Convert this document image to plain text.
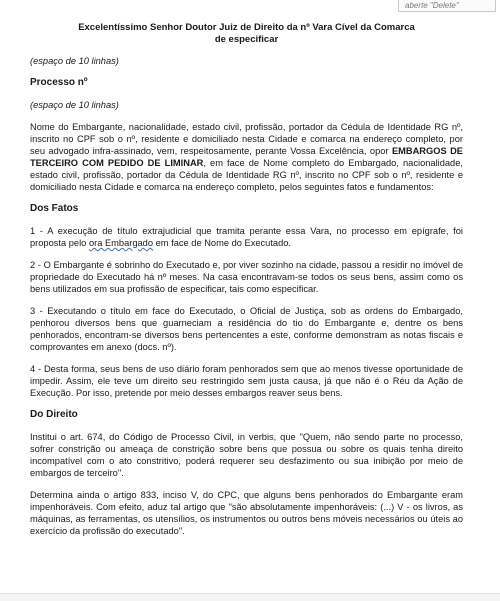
aberte "Delete"
Excelentíssimo Senhor Doutor Juiz de Direito da nº Vara Cível da Comarca
de especificar

(espaço de 10 linhas)

Processo nº

(espaço de 10 linhas)

Nome do Embargante, nacionalidade, estado civil, profissão, portador da Cédula de Identidade RG nº, inscrito no CPF sob o nº, residente e domiciliado nesta Cidade e comarca na endereço completo, por seu advogado infra-assinado, vem, respeitosamente, perante Vossa Excelência, opor EMBARGOS DE TERCEIRO COM PEDIDO DE LIMINAR, em face de Nome completo do Embargado, nacionalidade, estado civil, profissão, portador da Cédula de Identidade RG nº, inscrito no CPF sob o nº, residente e domiciliado nesta Cidade e comarca na endereço completo, pelos seguintes fatos e fundamentos:

Dos Fatos

1 - A execução de título extrajudicial que tramita perante essa Vara, no processo em epígrafe, foi proposta pelo ora Embargado em face de Nome do Executado.

2 - O Embargante é sobrinho do Executado e, por viver sozinho na cidade, passou a residir no imóvel de propriedade do Executado há nº meses. Na casa encontravam-se todos os seus bens, assim como os bens utilizados em sua profissão de especificar, tais como especificar.

3 - Executando o título em face do Executado, o Oficial de Justiça, sob as ordens do Embargado, penhorou diversos bens que guarneciam a residência do tio do Embargante e, dentre os bens penhorados, encontram-se diversos bens pertencentes a este, conforme demonstram as notas fiscais e comprovantes em anexo (docs. nº).

4 - Desta forma, seus bens de uso diário foram penhorados sem que ao menos tivesse oportunidade de impedir. Assim, ele teve um direito seu restringido sem justa causa, já que não é o Réu da Ação de Execução. Por isso, pretende por meio desses embargos reaver seus bens.

Do Direito

Institui o art. 674, do Código de Processo Civil, in verbis, que "Quem, não sendo parte no processo, sofrer constrição ou ameaça de constrição sobre bens que possua ou sobre os quais tenha direito incompatível com o ato constritivo, poderá requerer seu desfazimento ou sua inibição por meio de embargos de terceiro".

Determina ainda o artigo 833, inciso V, do CPC, que alguns bens penhorados do Embargante eram impenhoráveis. Com efeito, aduz tal artigo que "são absolutamente impenhoráveis: (...) V - os livros, as máquinas, as ferramentas, os utensílios, os instrumentos ou outros bens móveis necessários ou úteis ao exercício da profissão do executado".
